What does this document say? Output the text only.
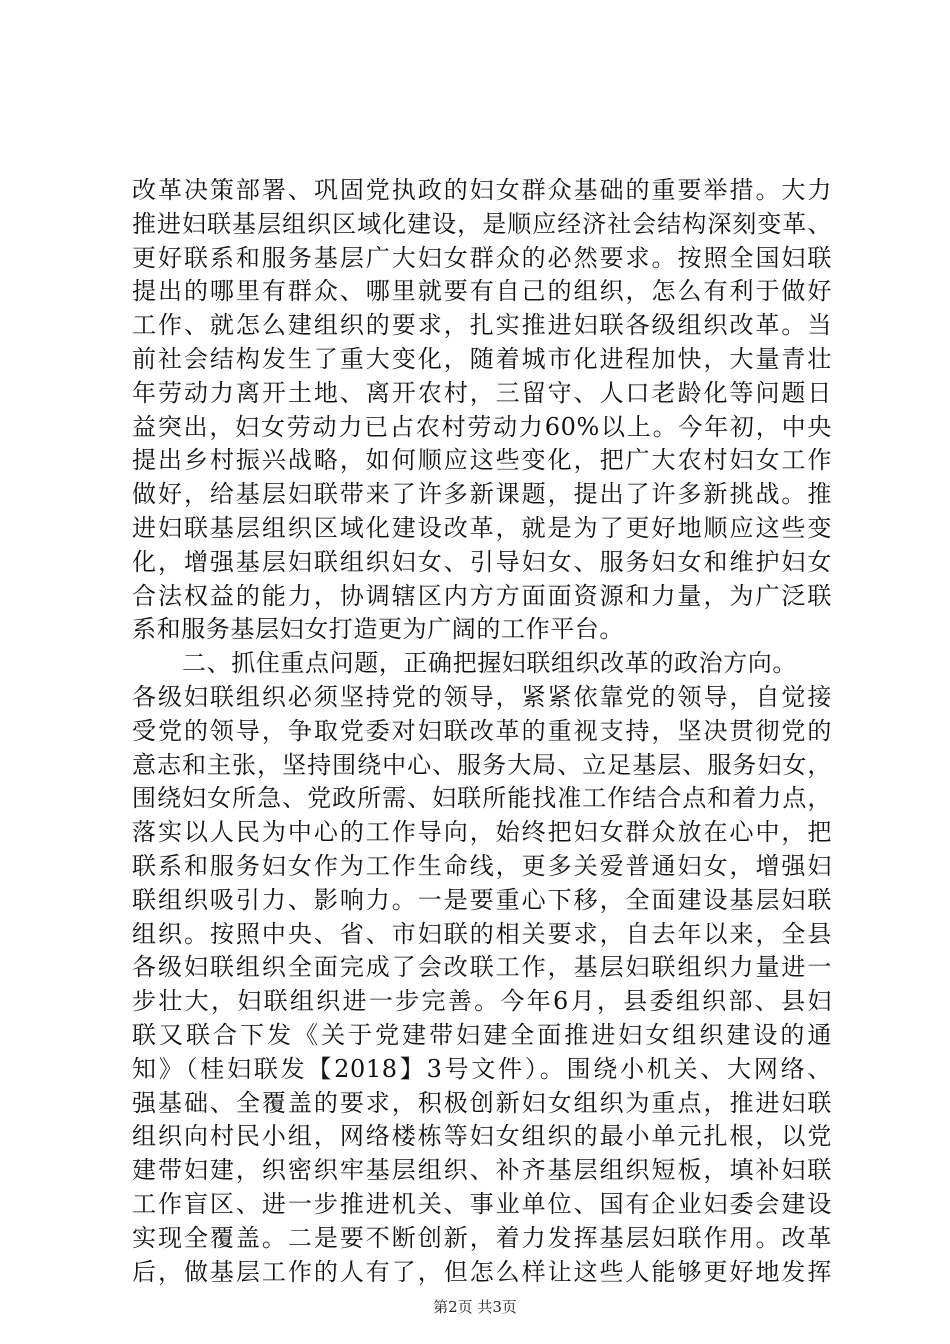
改革决策部署、巩固党执政的妇女群众基础的重要举措。大力
推进妇联基层组织区域化建设，是顺应经济社会结构深刻变革、
更好联系和服务基层广大妇女群众的必然要求。按照全国妇联
提出的哪里有群众、哪里就要有自己的组织，怎么有利于做好
工作、就怎么建组织的要求，扎实推进妇联各级组织改革。当
前社会结构发生了重大变化，随着城市化进程加快，大量青壮
年劳动力离开土地、离开农村，三留守、人口老龄化等问题日
益突出，妇女劳动力已占农村劳动力60%以上。今年初，中央
提出乡村振兴战略，如何顺应这些变化，把广大农村妇女工作
做好，给基层妇联带来了许多新课题，提出了许多新挑战。推
进妇联基层组织区域化建设改革，就是为了更好地顺应这些变
化，增强基层妇联组织妇女、引导妇女、服务妇女和维护妇女
合法权益的能力，协调辖区内方方面面资源和力量，为广泛联
系和服务基层妇女打造更为广阔的工作平台。
二、抓住重点问题，正确把握妇联组织改革的政治方向。
各级妇联组织必须坚持党的领导，紧紧依靠党的领导，自觉接
受党的领导，争取党委对妇联改革的重视支持，坚决贯彻党的
意志和主张，坚持围绕中心、服务大局、立足基层、服务妇女，
围绕妇女所急、党政所需、妇联所能找准工作结合点和着力点，
落实以人民为中心的工作导向，始终把妇女群众放在心中，把
联系和服务妇女作为工作生命线，更多关爱普通妇女，增强妇
联组织吸引力、影响力。一是要重心下移，全面建设基层妇联
组织。按照中央、省、市妇联的相关要求，自去年以来，全县
各级妇联组织全面完成了会改联工作，基层妇联组织力量进一
步壮大，妇联组织进一步完善。今年6月，县委组织部、县妇
联又联合下发《关于党建带妇建全面推进妇女组织建设的通
知》（桂妇联发【2018】3号文件）。围绕小机关、大网络、
强基础、全覆盖的要求，积极创新妇女组织为重点，推进妇联
组织向村民小组，网络楼栋等妇女组织的最小单元扎根，以党
建带妇建，织密织牢基层组织、补齐基层组织短板，填补妇联
工作盲区、进一步推进机关、事业单位、国有企业妇委会建设
实现全覆盖。二是要不断创新，着力发挥基层妇联作用。改革
后，做基层工作的人有了，但怎么样让这些人能够更好地发挥
第2页 共3页
